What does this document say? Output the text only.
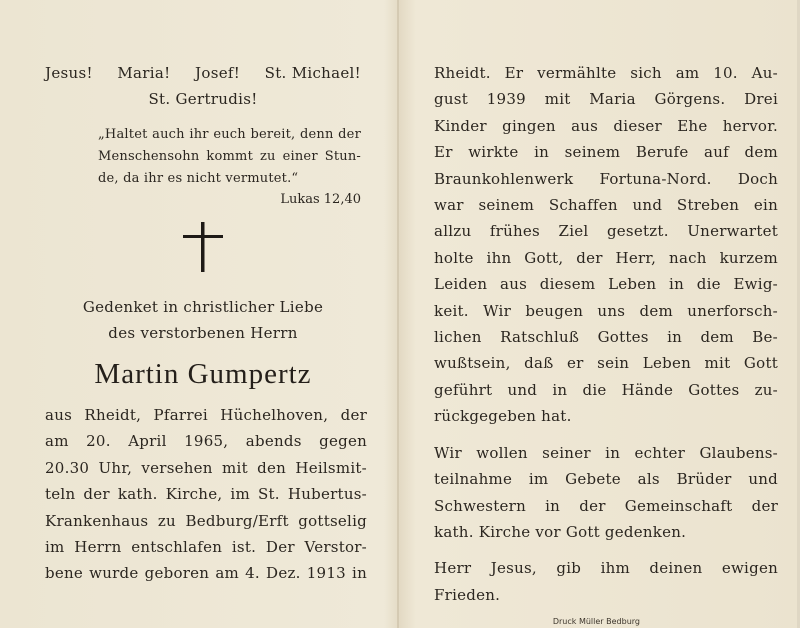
Jesus! Maria! Josef! St. Michael!
St. Gertrudis!
„Haltet auch ihr euch bereit, denn der
Menschensohn kommt zu einer Stun-
de, da ihr es nicht vermutet.“
Lukas 12,40
Gedenket in christlicher Liebe
des verstorbenen Herrn
Martin Gumpertz
aus Rheidt, Pfarrei Hüchelhoven, der
am 20. April 1965, abends gegen
20.30 Uhr, versehen mit den Heilsmit-
teln der kath. Kirche, im St. Hubertus-
Krankenhaus zu Bedburg/Erft gottselig
im Herrn entschlafen ist. Der Verstor-
bene wurde geboren am 4. Dez. 1913 in
Rheidt. Er vermählte sich am 10. Au-
gust 1939 mit Maria Görgens. Drei
Kinder gingen aus dieser Ehe hervor.
Er wirkte in seinem Berufe auf dem
Braunkohlenwerk Fortuna-Nord. Doch
war seinem Schaffen und Streben ein
allzu frühes Ziel gesetzt. Unerwartet
holte ihn Gott, der Herr, nach kurzem
Leiden aus diesem Leben in die Ewig-
keit. Wir beugen uns dem unerforsch-
lichen Ratschluß Gottes in dem Be-
wußtsein, daß er sein Leben mit Gott
geführt und in die Hände Gottes zu-
rückgegeben hat.
Wir wollen seiner in echter Glaubens-
teilnahme im Gebete als Brüder und
Schwestern in der Gemeinschaft der
kath. Kirche vor Gott gedenken.
Herr Jesus, gib ihm deinen ewigen
Frieden.
Druck Müller Bedburg
